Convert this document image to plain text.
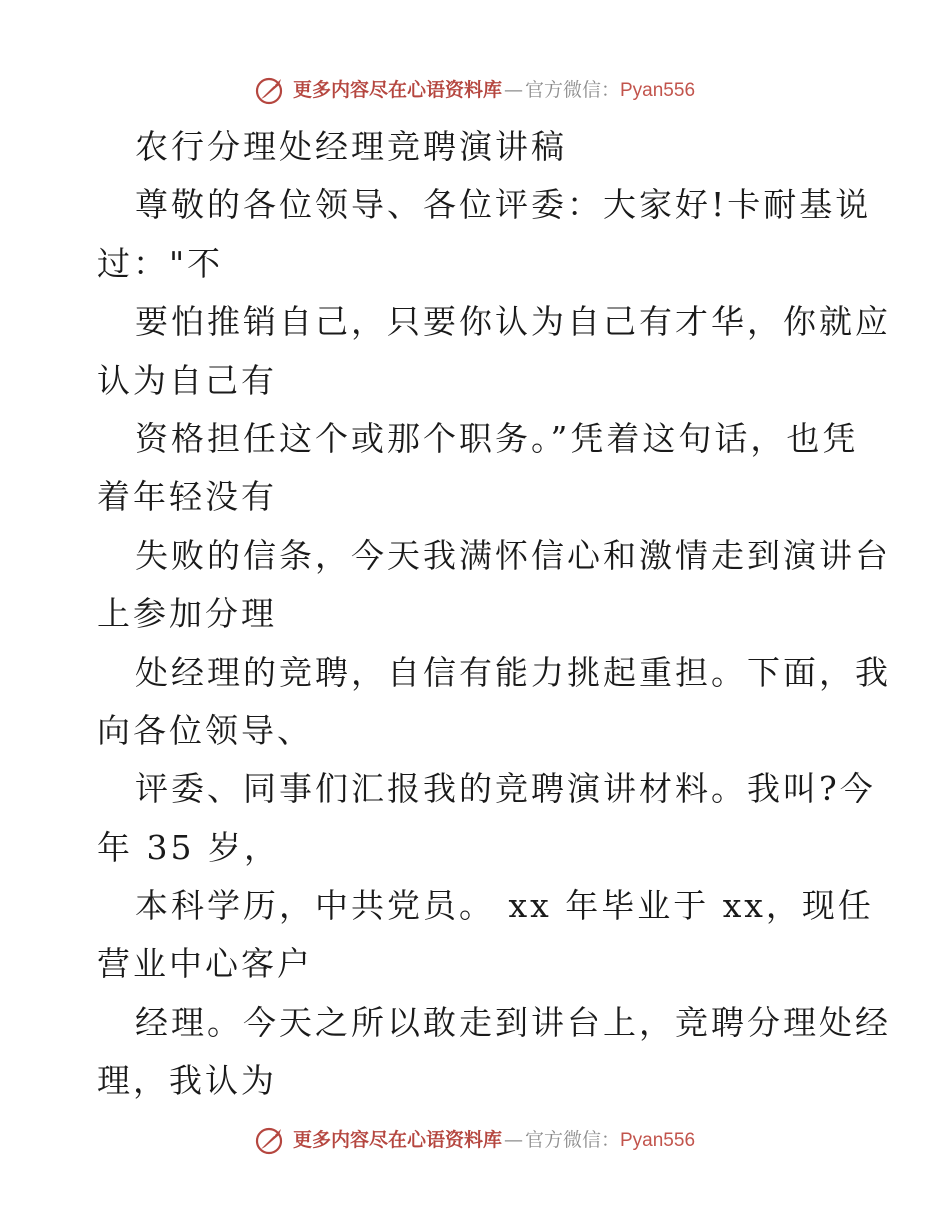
更多内容尽在心语资料库 — 官方微信： Pyan556
农行分理处经理竞聘演讲稿
尊敬的各位领导、各位评委：大家好!卡耐基说
过："不
要怕推销自己，只要你认为自己有才华，你就应
认为自己有
资格担任这个或那个职务。”凭着这句话，也凭
着年轻没有
失败的信条，今天我满怀信心和激情走到演讲台
上参加分理
处经理的竞聘，自信有能力挑起重担。下面，我
向各位领导、
评委、同事们汇报我的竞聘演讲材料。我叫?今
年 35 岁，
本科学历，中共党员。 xx 年毕业于 xx，现任
营业中心客户
经理。今天之所以敢走到讲台上，竞聘分理处经
理，我认为
更多内容尽在心语资料库 — 官方微信： Pyan556
